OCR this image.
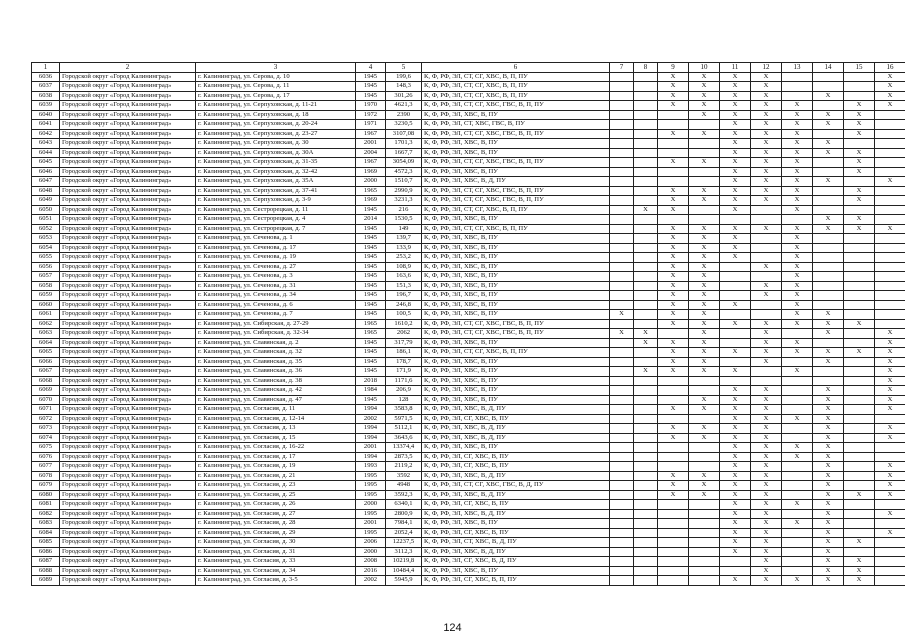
1	2	3	4	5	6	7	8	9	10	11	12	13	14	15	16
6036	Городской округ «Город Калининград»	г. Калининград, ул. Серова, д. 10	1945	199,6	К, Ф, РФ, ЭЛ, СТ, СГ, ХВС, В, П, ПУ			X	X	X	X				X
6037	Городской округ «Город Калининград»	г. Калининград, ул. Серова, д. 11	1945	148,3	К, Ф, РФ, ЭЛ, СТ, СГ, ХВС, В, П, ПУ			X	X	X	X				X
6038	Городской округ «Город Калининград»	г. Калининград, ул. Серова, д. 17	1945	301,26	К, Ф, РФ, ЭЛ, СТ, СГ, ХВС, В, П, ПУ			X	X	X	X		X		X
6039	Городской округ «Город Калининград»	г. Калининград, ул. Серпуховская, д. 11-21	1970	4621,3	К, Ф, РФ, ЭЛ, СТ, СГ, ХВС, ГВС, В, П, ПУ			X	X	X	X	X		X	X
6040	Городской округ «Город Калининград»	г. Калининград, ул. Серпуховская, д. 18	1972	2390	К, Ф, РФ, ЭЛ, ХВС, В, ПУ				X	X	X	X	X	X	
6041	Городской округ «Город Калининград»	г. Калининград, ул. Серпуховская, д. 20-24	1971	3230,5	К, Ф, РФ, ЭЛ, СТ, ХВС, ГВС, В, ПУ					X	X	X	X	X	
6042	Городской округ «Город Калининград»	г. Калининград, ул. Серпуховская, д. 23-27	1967	3107,08	К, Ф, РФ, ЭЛ, СТ, СГ, ХВС, ГВС, В, П, ПУ			X	X	X	X	X		X	
6043	Городской округ «Город Калининград»	г. Калининград, ул. Серпуховская, д. 30	2001	1701,3	К, Ф, РФ, ЭЛ, ХВС, В, ПУ					X	X	X	X		
6044	Городской округ «Город Калининград»	г. Калининград, ул. Серпуховская, д. 30А	2004	1667,7	К, Ф, РФ, ЭЛ, ХВС, В, ПУ					X	X	X	X	X	
6045	Городской округ «Город Калининград»	г. Калининград, ул. Серпуховская, д. 31-35	1967	3054,09	К, Ф, РФ, ЭЛ, СТ, СГ, ХВС, ГВС, В, П, ПУ			X	X	X	X	X		X	
6046	Городской округ «Город Калининград»	г. Калининград, ул. Серпуховская, д. 32-42	1969	4572,3	К, Ф, РФ, ЭЛ, ХВС, В, ПУ					X	X	X		X	
6047	Городской округ «Город Калининград»	г. Калининград, ул. Серпуховская, д. 35А	2000	1510,7	К, Ф, РФ, ЭЛ, ХВС, В, Д, ПУ					X	X	X	X		X
6048	Городской округ «Город Калининград»	г. Калининград, ул. Серпуховская, д. 37-41	1965	2990,9	К, Ф, РФ, ЭЛ, СТ, СГ, ХВС, ГВС, В, П, ПУ			X	X	X	X	X		X	
6049	Городской округ «Город Калининград»	г. Калининград, ул. Серпуховская, д. 3-9	1969	3231,3	К, Ф, РФ, ЭЛ, СТ, СГ, ХВС, ГВС, В, П, ПУ			X	X	X	X	X		X	
6050	Городской округ «Город Калининград»	г. Калининград, ул. Сестрорецкая, д. 11	1945	216	К, Ф, РФ, ЭЛ, СТ, СГ, ХВС, В, П, ПУ		X	X		X		X			
6051	Городской округ «Город Калининград»	г. Калининград, ул. Сестрорецкая, д. 4	2014	1530,5	К, Ф, РФ, ЭЛ, ХВС, В, ПУ								X	X	
6052	Городской округ «Город Калининград»	г. Калининград, ул. Сестрорецкая, д. 7	1945	149	К, Ф, РФ, ЭЛ, СТ, СГ, ХВС, В, П, ПУ			X	X	X	X	X	X	X	X
6053	Городской округ «Город Калининград»	г. Калининград, ул. Сеченова, д. 1	1945	139,7	К, Ф, РФ, ЭЛ, ХВС, В, ПУ			X	X	X		X			
6054	Городской округ «Город Калининград»	г. Калининград, ул. Сеченова, д. 17	1945	133,9	К, Ф, РФ, ЭЛ, ХВС, В, ПУ			X	X	X		X			
6055	Городской округ «Город Калининград»	г. Калининград, ул. Сеченова, д. 19	1945	253,2	К, Ф, РФ, ЭЛ, ХВС, В, ПУ			X	X	X		X			
6056	Городской округ «Город Калининград»	г. Калининград, ул. Сеченова, д. 27	1945	108,9	К, Ф, РФ, ЭЛ, ХВС, В, ПУ			X	X		X	X			
6057	Городской округ «Город Калининград»	г. Калининград, ул. Сеченова, д. 3	1945	163,6	К, Ф, РФ, ЭЛ, ХВС, В, ПУ			X	X			X			
6058	Городской округ «Город Калининград»	г. Калининград, ул. Сеченова, д. 31	1945	151,3	К, Ф, РФ, ЭЛ, ХВС, В, ПУ			X	X		X	X			
6059	Городской округ «Город Калининград»	г. Калининград, ул. Сеченова, д. 34	1945	196,7	К, Ф, РФ, ЭЛ, ХВС, В, ПУ			X	X		X	X			
6060	Городской округ «Город Калининград»	г. Калининград, ул. Сеченова, д. 6	1945	246,8	К, Ф, РФ, ЭЛ, ХВС, В, ПУ			X	X	X		X			
6061	Городской округ «Город Калининград»	г. Калининград, ул. Сеченова, д. 7	1945	100,5	К, Ф, РФ, ЭЛ, ХВС, В, ПУ	X		X	X			X	X		
6062	Городской округ «Город Калининград»	г. Калининград, ул. Сибирская, д. 27-29	1965	1610,2	К, Ф, РФ, ЭЛ, СТ, СГ, ХВС, ГВС, В, П, ПУ			X	X	X	X	X	X	X	
6063	Городской округ «Город Калининград»	г. Калининград, ул. Сибирская, д. 32-34	1965	2062	К, Ф, РФ, ЭЛ, СТ, СГ, ХВС, ГВС, В, П, ПУ	X	X		X		X		X		X
6064	Городской округ «Город Калининград»	г. Калининград, ул. Славянская, д. 2	1945	317,79	К, Ф, РФ, ЭЛ, ХВС, В, ПУ		X	X	X		X	X			X
6065	Городской округ «Город Калининград»	г. Калининград, ул. Славянская, д. 32	1945	186,1	К, Ф, РФ, ЭЛ, СТ, СГ, ХВС, В, П, ПУ			X	X	X	X	X	X	X	X
6066	Городской округ «Город Калининград»	г. Калининград, ул. Славянская, д. 35	1945	178,7	К, Ф, РФ, ЭЛ, ХВС, В, ПУ			X	X		X		X		X
6067	Городской округ «Город Калининград»	г. Калининград, ул. Славянская, д. 36	1945	171,9	К, Ф, РФ, ЭЛ, ХВС, В, ПУ		X	X	X	X		X			X
6068	Городской округ «Город Калининград»	г. Калининград, ул. Славянская, д. 38	2018	1171,6	К, Ф, РФ, ЭЛ, ХВС, В, ПУ										X
6069	Городской округ «Город Калининград»	г. Калининград, ул. Славянская, д. 42	1984	206,9	К, Ф, РФ, ЭЛ, ХВС, В, ПУ					X	X		X		X
6070	Городской округ «Город Калининград»	г. Калининград, ул. Славянская, д. 47	1945	128	К, Ф, РФ, ЭЛ, ХВС, В, ПУ				X	X	X		X		X
6071	Городской округ «Город Калининград»	г. Калининград, ул. Согласия, д. 11	1994	3583,8	К, Ф, РФ, ЭЛ, ХВС, В, Д, ПУ			X	X	X	X		X		X
6072	Городской округ «Город Калининград»	г. Калининград, ул. Согласия, д. 12-14	2002	5971,5	К, Ф, РФ, ЭЛ, СГ, ХВС, В, ПУ					X	X	X	X		
6073	Городской округ «Город Калининград»	г. Калининград, ул. Согласия, д. 13	1994	5112,1	К, Ф, РФ, ЭЛ, ХВС, В, Д, ПУ			X	X	X	X		X		X
6074	Городской округ «Город Калининград»	г. Калининград, ул. Согласия, д. 15	1994	3643,6	К, Ф, РФ, ЭЛ, ХВС, В, Д, ПУ			X	X	X	X		X		X
6075	Городской округ «Город Калининград»	г. Калининград, ул. Согласия, д. 16-22	2001	13374,4	К, Ф, РФ, ЭЛ, ХВС, В, ПУ					X	X	X	X		
6076	Городской округ «Город Калининград»	г. Калининград, ул. Согласия, д. 17	1994	2873,5	К, Ф, РФ, ЭЛ, СГ, ХВС, В, ПУ					X	X	X	X		
6077	Городской округ «Город Калининград»	г. Калининград, ул. Согласия, д. 19	1993	2119,2	К, Ф, РФ, ЭЛ, СГ, ХВС, В, ПУ					X	X		X		X
6078	Городской округ «Город Калининград»	г. Калининград, ул. Согласия, д. 21	1995	3592	К, Ф, РФ, ЭЛ, ХВС, В, Д, ПУ			X	X	X	X		X		X
6079	Городской округ «Город Калининград»	г. Калининград, ул. Согласия, д. 23	1995	4948	К, Ф, РФ, ЭЛ, СТ, СГ, ХВС, ГВС, В, Д, ПУ			X	X	X	X		X		X
6080	Городской округ «Город Калининград»	г. Калининград, ул. Согласия, д. 25	1995	3592,3	К, Ф, РФ, ЭЛ, ХВС, В, Д, ПУ			X	X	X	X		X	X	X
6081	Городской округ «Город Калининград»	г. Калининград, ул. Согласия, д. 26	2000	6340,1	К, Ф, РФ, ЭЛ, СГ, ХВС, В, ПУ					X	X	X	X		
6082	Городской округ «Город Калининград»	г. Калининград, ул. Согласия, д. 27	1995	2800,9	К, Ф, РФ, ЭЛ, ХВС, В, Д, ПУ					X	X		X		X
6083	Городской округ «Город Калининград»	г. Калининград, ул. Согласия, д. 28	2001	7984,1	К, Ф, РФ, ЭЛ, ХВС, В, ПУ					X	X	X	X		
6084	Городской округ «Город Калининград»	г. Калининград, ул. Согласия, д. 29	1995	2052,4	К, Ф, РФ, ЭЛ, СГ, ХВС, В, ПУ					X	X		X		X
6085	Городской округ «Город Калининград»	г. Калининград, ул. Согласия, д. 30	2006	12237,5	К, Ф, РФ, ЭЛ, СТ, ХВС, В, Д, ПУ					X	X		X	X	
6086	Городской округ «Город Калининград»	г. Калининград, ул. Согласия, д. 31	2000	3112,3	К, Ф, РФ, ЭЛ, ХВС, В, Д, ПУ					X	X		X		
6087	Городской округ «Город Калининград»	г. Калининград, ул. Согласия, д. 33	2008	10219,8	К, Ф, РФ, ЭЛ, СГ, ХВС, В, Д, ПУ						X		X	X	
6088	Городской округ «Город Калининград»	г. Калининград, ул. Согласия, д. 34	2016	10484,4	К, Ф, РФ, ЭЛ, ХВС, В, ПУ						X		X	X	
6089	Городской округ «Город Калининград»	г. Калининград, ул. Согласия, д. 3-5	2002	5945,9	К, Ф, РФ, ЭЛ, СГ, ХВС, В, П, ПУ					X	X	X	X	X	
124
